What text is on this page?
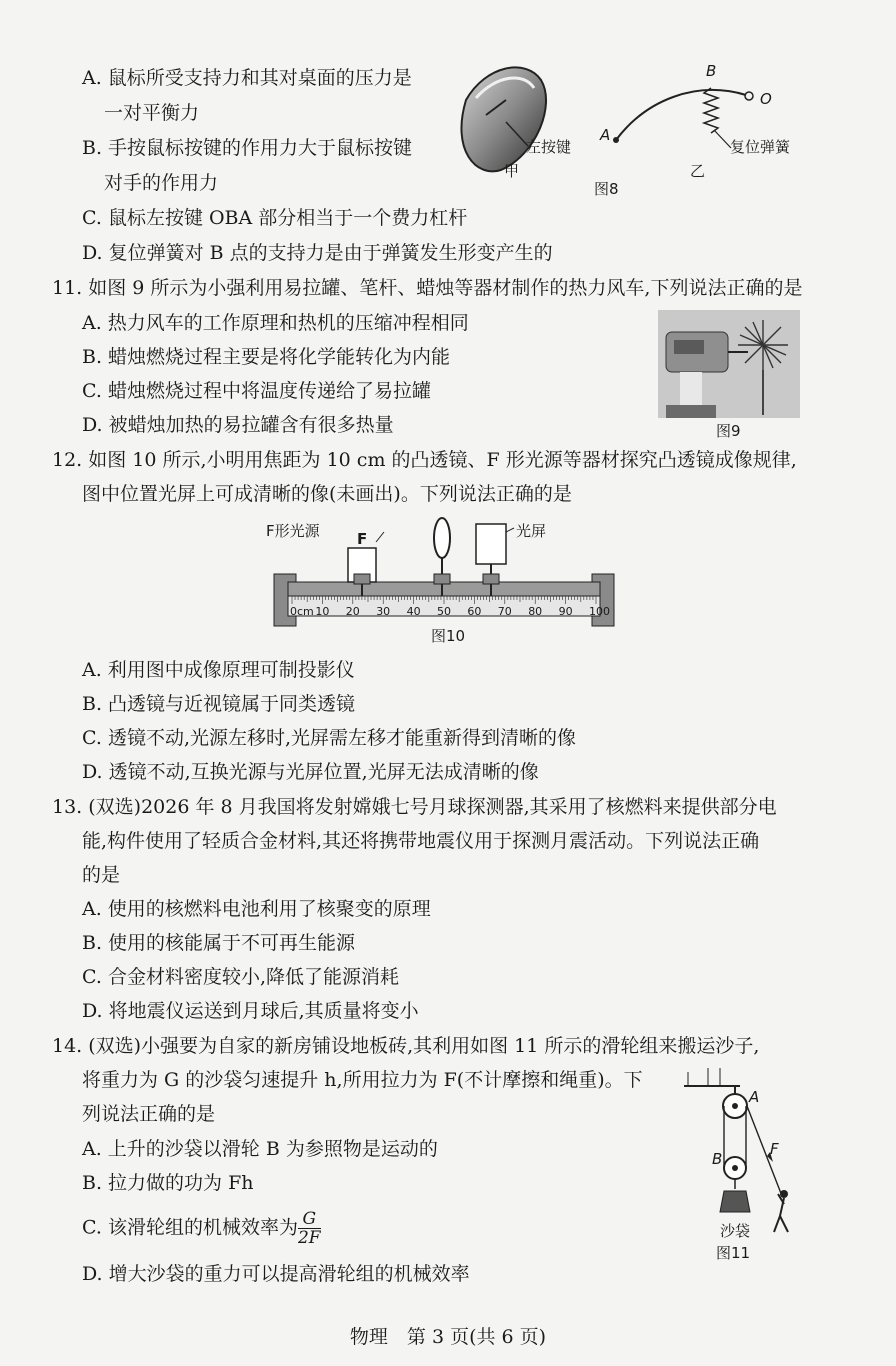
A. 鼠标所受支持力和其对桌面的压力是
一对平衡力
B. 手按鼠标按键的作用力大于鼠标按键
对手的作用力
C. 鼠标左按键 OBA 部分相当于一个费力杠杆
D. 复位弹簧对 B 点的支持力是由于弹簧发生形变产生的
左按键
甲
A
B
O
复位弹簧
乙
图8
11. 如图 9 所示为小强利用易拉罐、笔杆、蜡烛等器材制作的热力风车,下列说法正确的是
A. 热力风车的工作原理和热机的压缩冲程相同
B. 蜡烛燃烧过程主要是将化学能转化为内能
C. 蜡烛燃烧过程中将温度传递给了易拉罐
D. 被蜡烛加热的易拉罐含有很多热量	图9
12. 如图 10 所示,小明用焦距为 10 cm 的凸透镜、F 形光源等器材探究凸透镜成像规律,
图中位置光屏上可成清晰的像(未画出)。下列说法正确的是
F形光源 F	光屏
图10
0cm 10 20 30 40 50 60 70 80 90 100
A. 利用图中成像原理可制投影仪
B. 凸透镜与近视镜属于同类透镜
C. 透镜不动,光源左移时,光屏需左移才能重新得到清晰的像
D. 透镜不动,互换光源与光屏位置,光屏无法成清晰的像
13. (双选)2026 年 8 月我国将发射嫦娥七号月球探测器,其采用了核燃料来提供部分电
能,构件使用了轻质合金材料,其还将携带地震仪用于探测月震活动。下列说法正确
的是
A. 使用的核燃料电池利用了核聚变的原理
B. 使用的核能属于不可再生能源
C. 合金材料密度较小,降低了能源消耗
D. 将地震仪运送到月球后,其质量将变小
14. (双选)小强要为自家的新房铺设地板砖,其利用如图 11 所示的滑轮组来搬运沙子,
将重力为 G 的沙袋匀速提升 h,所用拉力为 F(不计摩擦和绳重)。下
列说法正确的是
A. 上升的沙袋以滑轮 B 为参照物是运动的
B. 拉力做的功为 Fh
C. 该滑轮组的机械效率为 $\frac{G}{2F}$
D. 增大沙袋的重力可以提高滑轮组的机械效率
A
B
F
沙袋
图11
物理　第 3 页(共 6 页)
